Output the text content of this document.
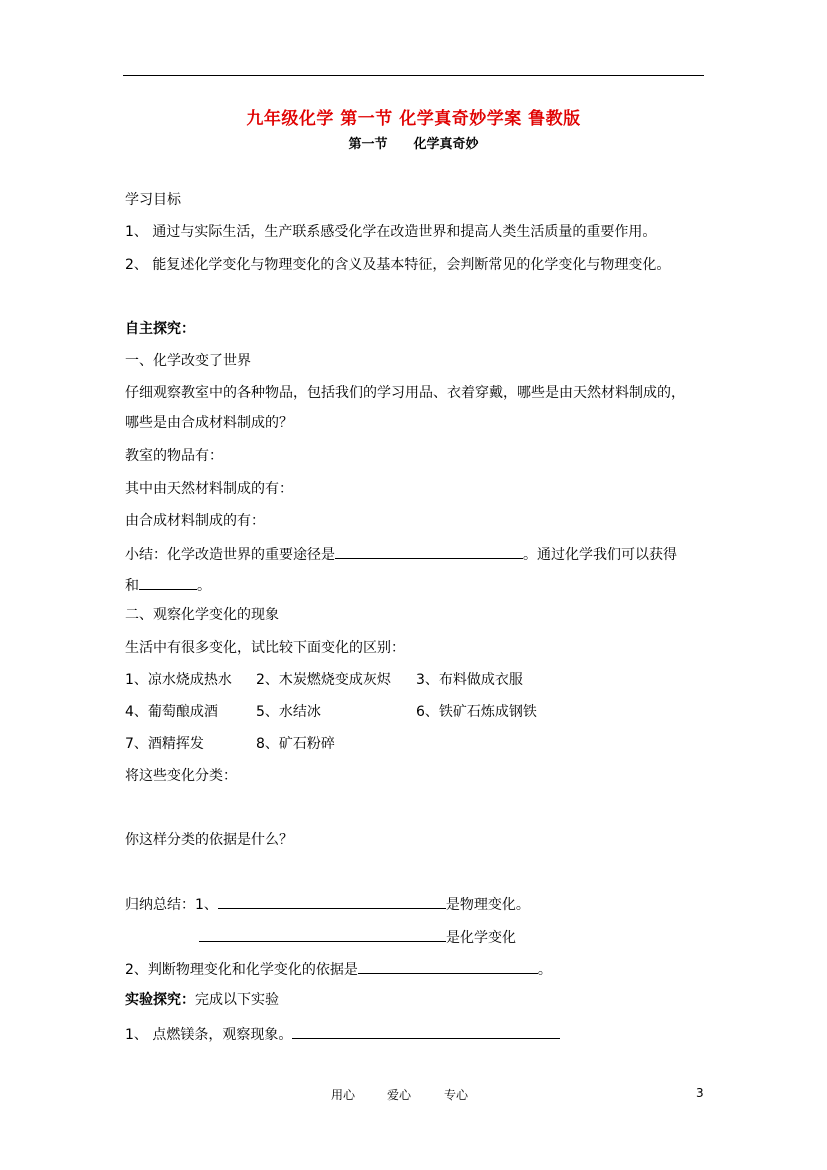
九年级化学 第一节 化学真奇妙学案 鲁教版
第一节 化学真奇妙
学习目标
1、 通过与实际生活，生产联系感受化学在改造世界和提高人类生活质量的重要作用。
2、 能复述化学变化与物理变化的含义及基本特征，会判断常见的化学变化与物理变化。
自主探究：
一、化学改变了世界
仔细观察教室中的各种物品，包括我们的学习用品、衣着穿戴，哪些是由天然材料制成的，
哪些是由合成材料制成的？
教室的物品有：
其中由天然材料制成的有：
由合成材料制成的有：
小结：化学改造世界的重要途径是	。通过化学我们可以获得
和	。
二、观察化学变化的现象
生活中有很多变化，试比较下面变化的区别：
1、凉水烧成热水 2、木炭燃烧变成灰烬 3、布料做成衣服
4、葡萄酿成酒	5、水结冰	6、铁矿石炼成钢铁
7、酒精挥发	8、矿石粉碎
将这些变化分类：
你这样分类的依据是什么？
归纳总结：1、	是物理变化。
是化学变化
2、判断物理变化和化学变化的依据是	。
实验探究：完成以下实验
1、 点燃镁条，观察现象。
用心	爱心	专心	3
